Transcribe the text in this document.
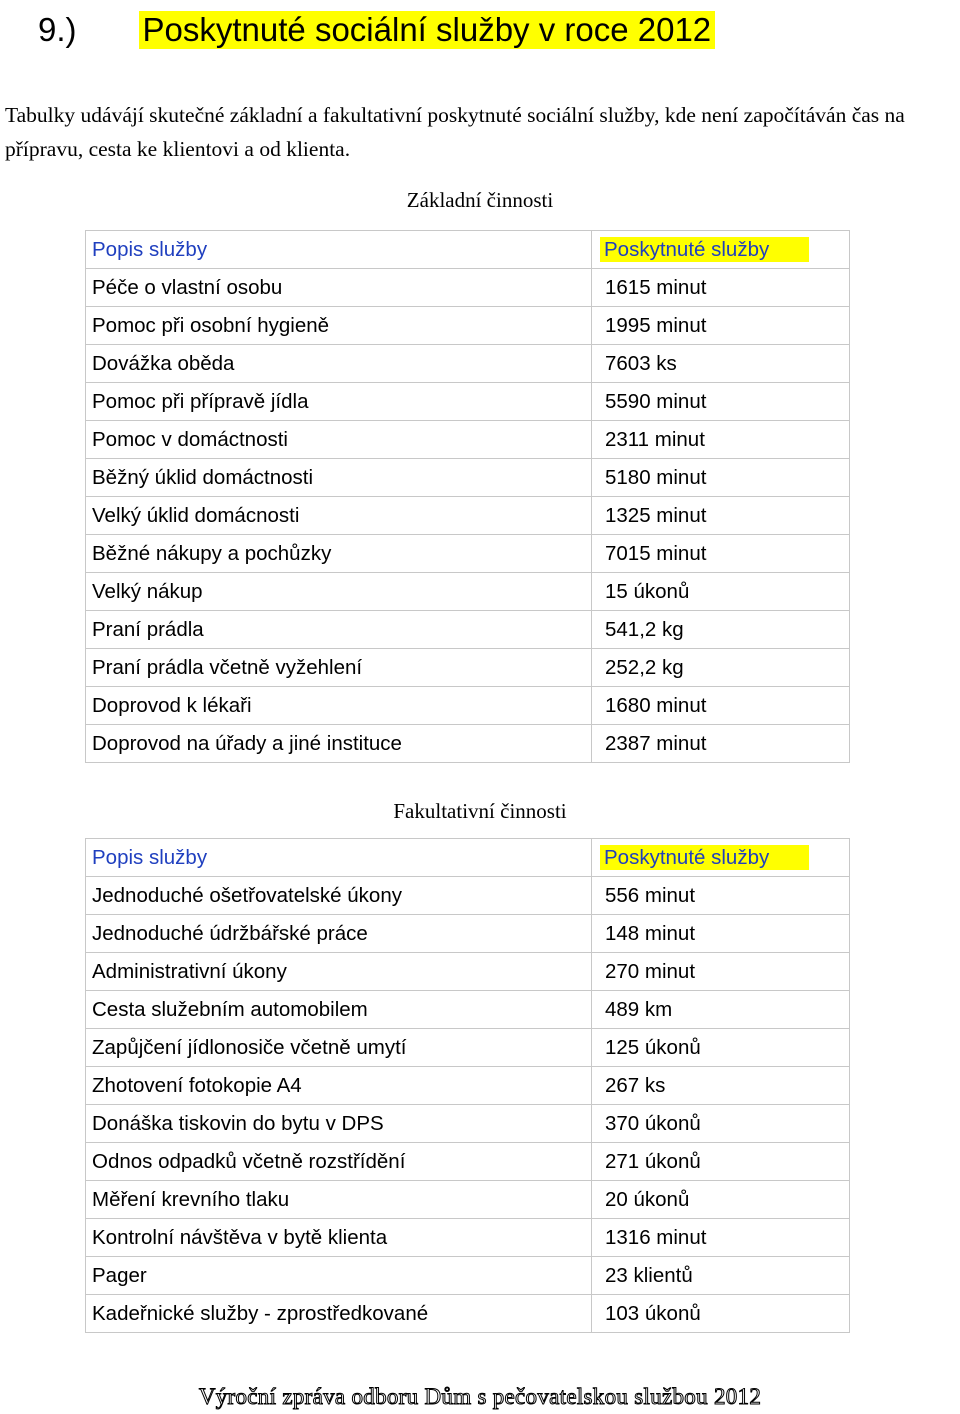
9.) Poskytnuté sociální služby v roce 2012
Tabulky udávájí skutečné základní a fakultativní poskytnuté sociální služby, kde není započítáván čas na přípravu, cesta ke klientovi a od klienta.
Základní činnosti
Popis služby	Poskytnuté služby
Péče o vlastní osobu	1615 minut
Pomoc při osobní hygieně	1995 minut
Dovážka oběda	7603 ks
Pomoc při přípravě jídla	5590 minut
Pomoc v domáctnosti	2311 minut
Běžný úklid domáctnosti	5180 minut
Velký úklid domácnosti	1325 minut
Běžné nákupy a pochůzky	7015 minut
Velký nákup	15 úkonů
Praní prádla	541,2 kg
Praní prádla včetně vyžehlení	252,2 kg
Doprovod k lékaři	1680 minut
Doprovod na úřady a jiné instituce	2387 minut
Fakultativní činnosti
Popis služby	Poskytnuté služby
Jednoduché ošetřovatelské úkony	556 minut
Jednoduché údržbářské práce	148 minut
Administrativní úkony	270 minut
Cesta služebním automobilem	489 km
Zapůjčení jídlonosiče včetně umytí	125 úkonů
Zhotovení fotokopie A4	267 ks
Donáška tiskovin do bytu v DPS	370 úkonů
Odnos odpadků včetně rozstřídění	271 úkonů
Měření krevního tlaku	20 úkonů
Kontrolní návštěva v bytě klienta	1316 minut
Pager	23 klientů
Kadeřnické služby - zprostředkované	103 úkonů
Výroční zpráva odboru Dům s pečovatelskou službou 2012
